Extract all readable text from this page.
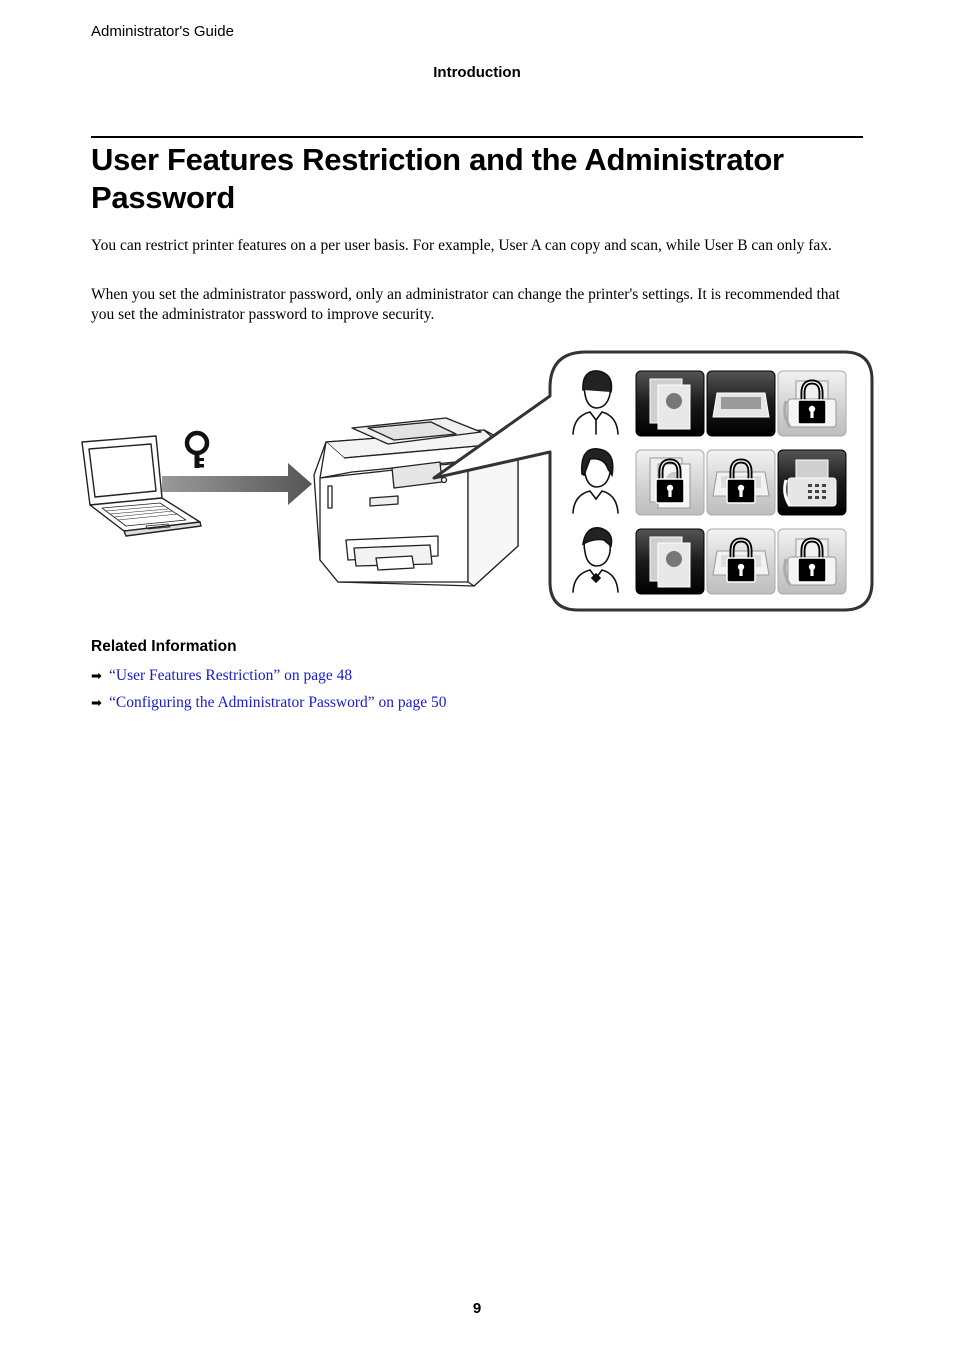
Administrator's Guide
Introduction
User Features Restriction and the Administrator Password

You can restrict printer features on a per user basis. For example, User A can copy and scan, while User B can only fax.

When you set the administrator password, only an administrator can change the printer's settings. It is recommended that you set the administrator password to improve security.

Related Information
➡ “User Features Restriction” on page 48
➡ “Configuring the Administrator Password” on page 50
9
